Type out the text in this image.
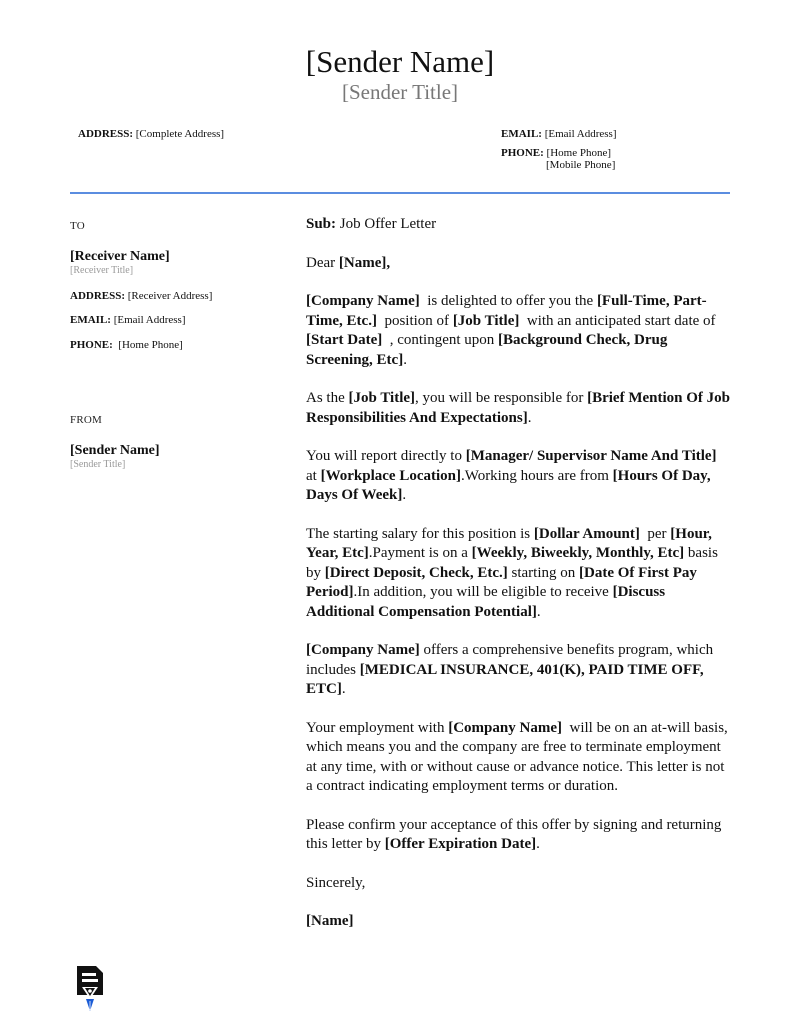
[Sender Name]
[Sender Title]
ADDRESS: [Complete Address]	EMAIL: [Email Address]
PHONE: [Home Phone]
[Mobile Phone]
TO
[Receiver Name]
[Receiver Title]
ADDRESS: [Receiver Address]
EMAIL: [Email Address]
PHONE: [Home Phone]
FROM
[Sender Name]
[Sender Title]

Sub: Job Offer Letter

Dear [Name],

[Company Name] is delighted to offer you the [Full-Time, Part-Time, Etc.] position of [Job Title] with an anticipated start date of [Start Date] , contingent upon [Background Check, Drug Screening, Etc].

As the [Job Title], you will be responsible for [Brief Mention Of Job Responsibilities And Expectations].

You will report directly to [Manager/ Supervisor Name And Title] at [Workplace Location].Working hours are from [Hours Of Day, Days Of Week].

The starting salary for this position is [Dollar Amount] per [Hour, Year, Etc].Payment is on a [Weekly, Biweekly, Monthly, Etc] basis by [Direct Deposit, Check, Etc.] starting on [Date Of First Pay Period].In addition, you will be eligible to receive [Discuss Additional Compensation Potential].

[Company Name] offers a comprehensive benefits program, which includes [MEDICAL INSURANCE, 401(K), PAID TIME OFF, ETC].

Your employment with [Company Name] will be on an at-will basis, which means you and the company are free to terminate employment at any time, with or without cause or advance notice. This letter is not a contract indicating employment terms or duration.

Please confirm your acceptance of this offer by signing and returning this letter by [Offer Expiration Date].

Sincerely,

[Name]
